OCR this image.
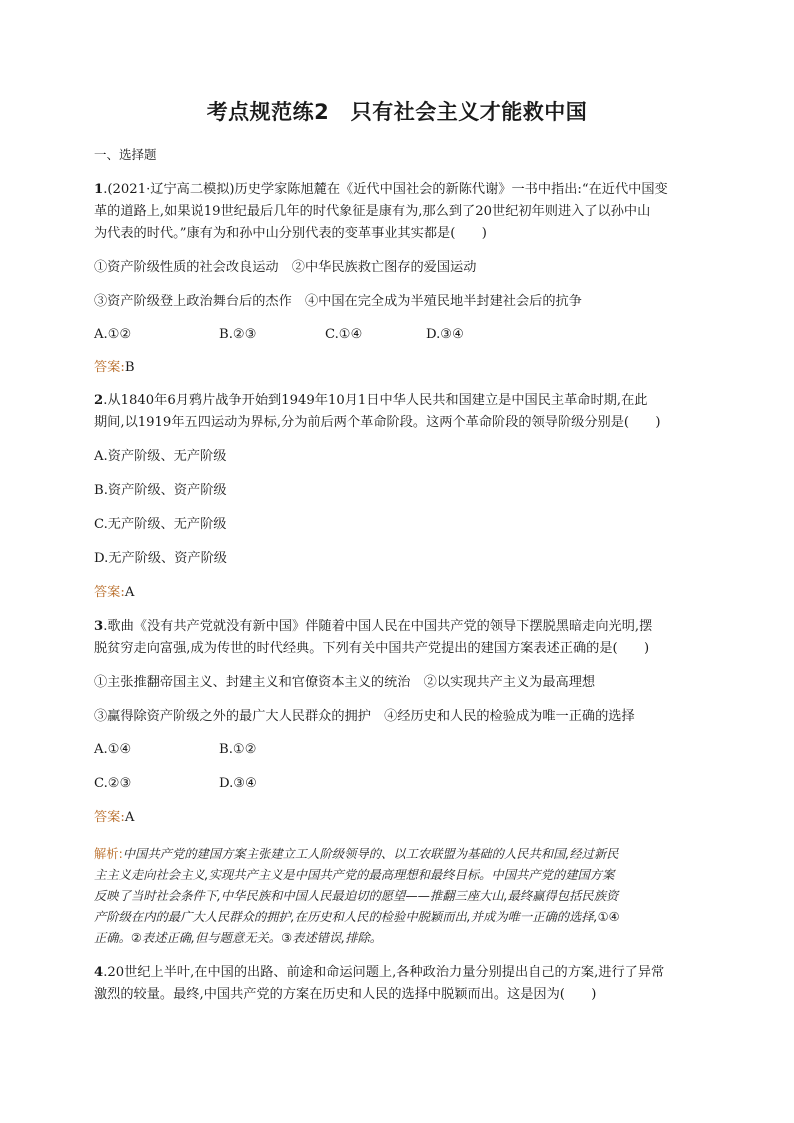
考点规范练2　只有社会主义才能救中国
一、选择题
1.(2021·辽宁高二模拟)历史学家陈旭麓在《近代中国社会的新陈代谢》一书中指出:“在近代中国变
革的道路上,如果说19世纪最后几年的时代象征是康有为,那么到了20世纪初年则进入了以孙中山
为代表的时代。”康有为和孙中山分别代表的变革事业其实都是(　　)
①资产阶级性质的社会改良运动　②中华民族救亡图存的爱国运动
③资产阶级登上政治舞台后的杰作　④中国在完全成为半殖民地半封建社会后的抗争
A.①②	B.②③	C.①④	D.③④
答案:B
2.从1840年6月鸦片战争开始到1949年10月1日中华人民共和国建立是中国民主革命时期,在此
期间,以1919年五四运动为界标,分为前后两个革命阶段。这两个革命阶段的领导阶级分别是(　　)
A.资产阶级、无产阶级
B.资产阶级、资产阶级
C.无产阶级、无产阶级
D.无产阶级、资产阶级
答案:A
3.歌曲《没有共产党就没有新中国》伴随着中国人民在中国共产党的领导下摆脱黑暗走向光明,摆
脱贫穷走向富强,成为传世的时代经典。下列有关中国共产党提出的建国方案表述正确的是(　　)
①主张推翻帝国主义、封建主义和官僚资本主义的统治　②以实现共产主义为最高理想
③赢得除资产阶级之外的最广大人民群众的拥护　④经历史和人民的检验成为唯一正确的选择
A.①④	B.①②
C.②③	D.③④
答案:A
解析:中国共产党的建国方案主张建立工人阶级领导的、以工农联盟为基础的人民共和国,经过新民
主主义走向社会主义,实现共产主义是中国共产党的最高理想和最终目标。中国共产党的建国方案
反映了当时社会条件下,中华民族和中国人民最迫切的愿望——推翻三座大山,最终赢得包括民族资
产阶级在内的最广大人民群众的拥护,在历史和人民的检验中脱颖而出,并成为唯一正确的选择,①④
正确。②表述正确,但与题意无关。③表述错误,排除。
4.20世纪上半叶,在中国的出路、前途和命运问题上,各种政治力量分别提出自己的方案,进行了异常
激烈的较量。最终,中国共产党的方案在历史和人民的选择中脱颖而出。这是因为(　　)
